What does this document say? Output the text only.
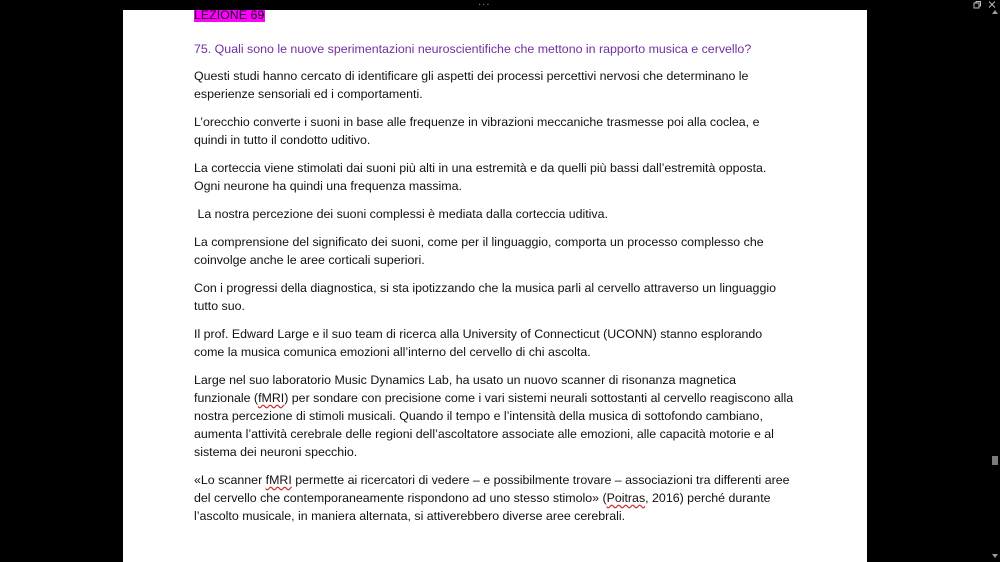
...
LEZIONE 69

75. Quali sono le nuove sperimentazioni neuroscientifiche che mettono in rapporto musica e cervello?

Questi studi hanno cercato di identificare gli aspetti dei processi percettivi nervosi che determinano le esperienze sensoriali ed i comportamenti.

L’orecchio converte i suoni in base alle frequenze in vibrazioni meccaniche trasmesse poi alla coclea, e quindi in tutto il condotto uditivo.

La corteccia viene stimolati dai suoni più alti in una estremità e da quelli più bassi dall’estremità opposta. Ogni neurone ha quindi una frequenza massima.

La nostra percezione dei suoni complessi è mediata dalla corteccia uditiva.

La comprensione del significato dei suoni, come per il linguaggio, comporta un processo complesso che coinvolge anche le aree corticali superiori.

Con i progressi della diagnostica, si sta ipotizzando che la musica parli al cervello attraverso un linguaggio tutto suo.

Il prof. Edward Large e il suo team di ricerca alla University of Connecticut (UCONN) stanno esplorando come la musica comunica emozioni all’interno del cervello di chi ascolta.

Large nel suo laboratorio Music Dynamics Lab, ha usato un nuovo scanner di risonanza magnetica funzionale (fMRI) per sondare con precisione come i vari sistemi neurali sottostanti al cervello reagiscono alla nostra percezione di stimoli musicali. Quando il tempo e l’intensità della musica di sottofondo cambiano, aumenta l’attività cerebrale delle regioni dell’ascoltatore associate alle emozioni, alle capacità motorie e al sistema dei neuroni specchio.

«Lo scanner fMRI permette ai ricercatori di vedere – e possibilmente trovare – associazioni tra differenti aree del cervello che contemporaneamente rispondono ad uno stesso stimolo» (Poitras, 2016) perché durante l’ascolto musicale, in maniera alternata, si attiverebbero diverse aree cerebrali.
